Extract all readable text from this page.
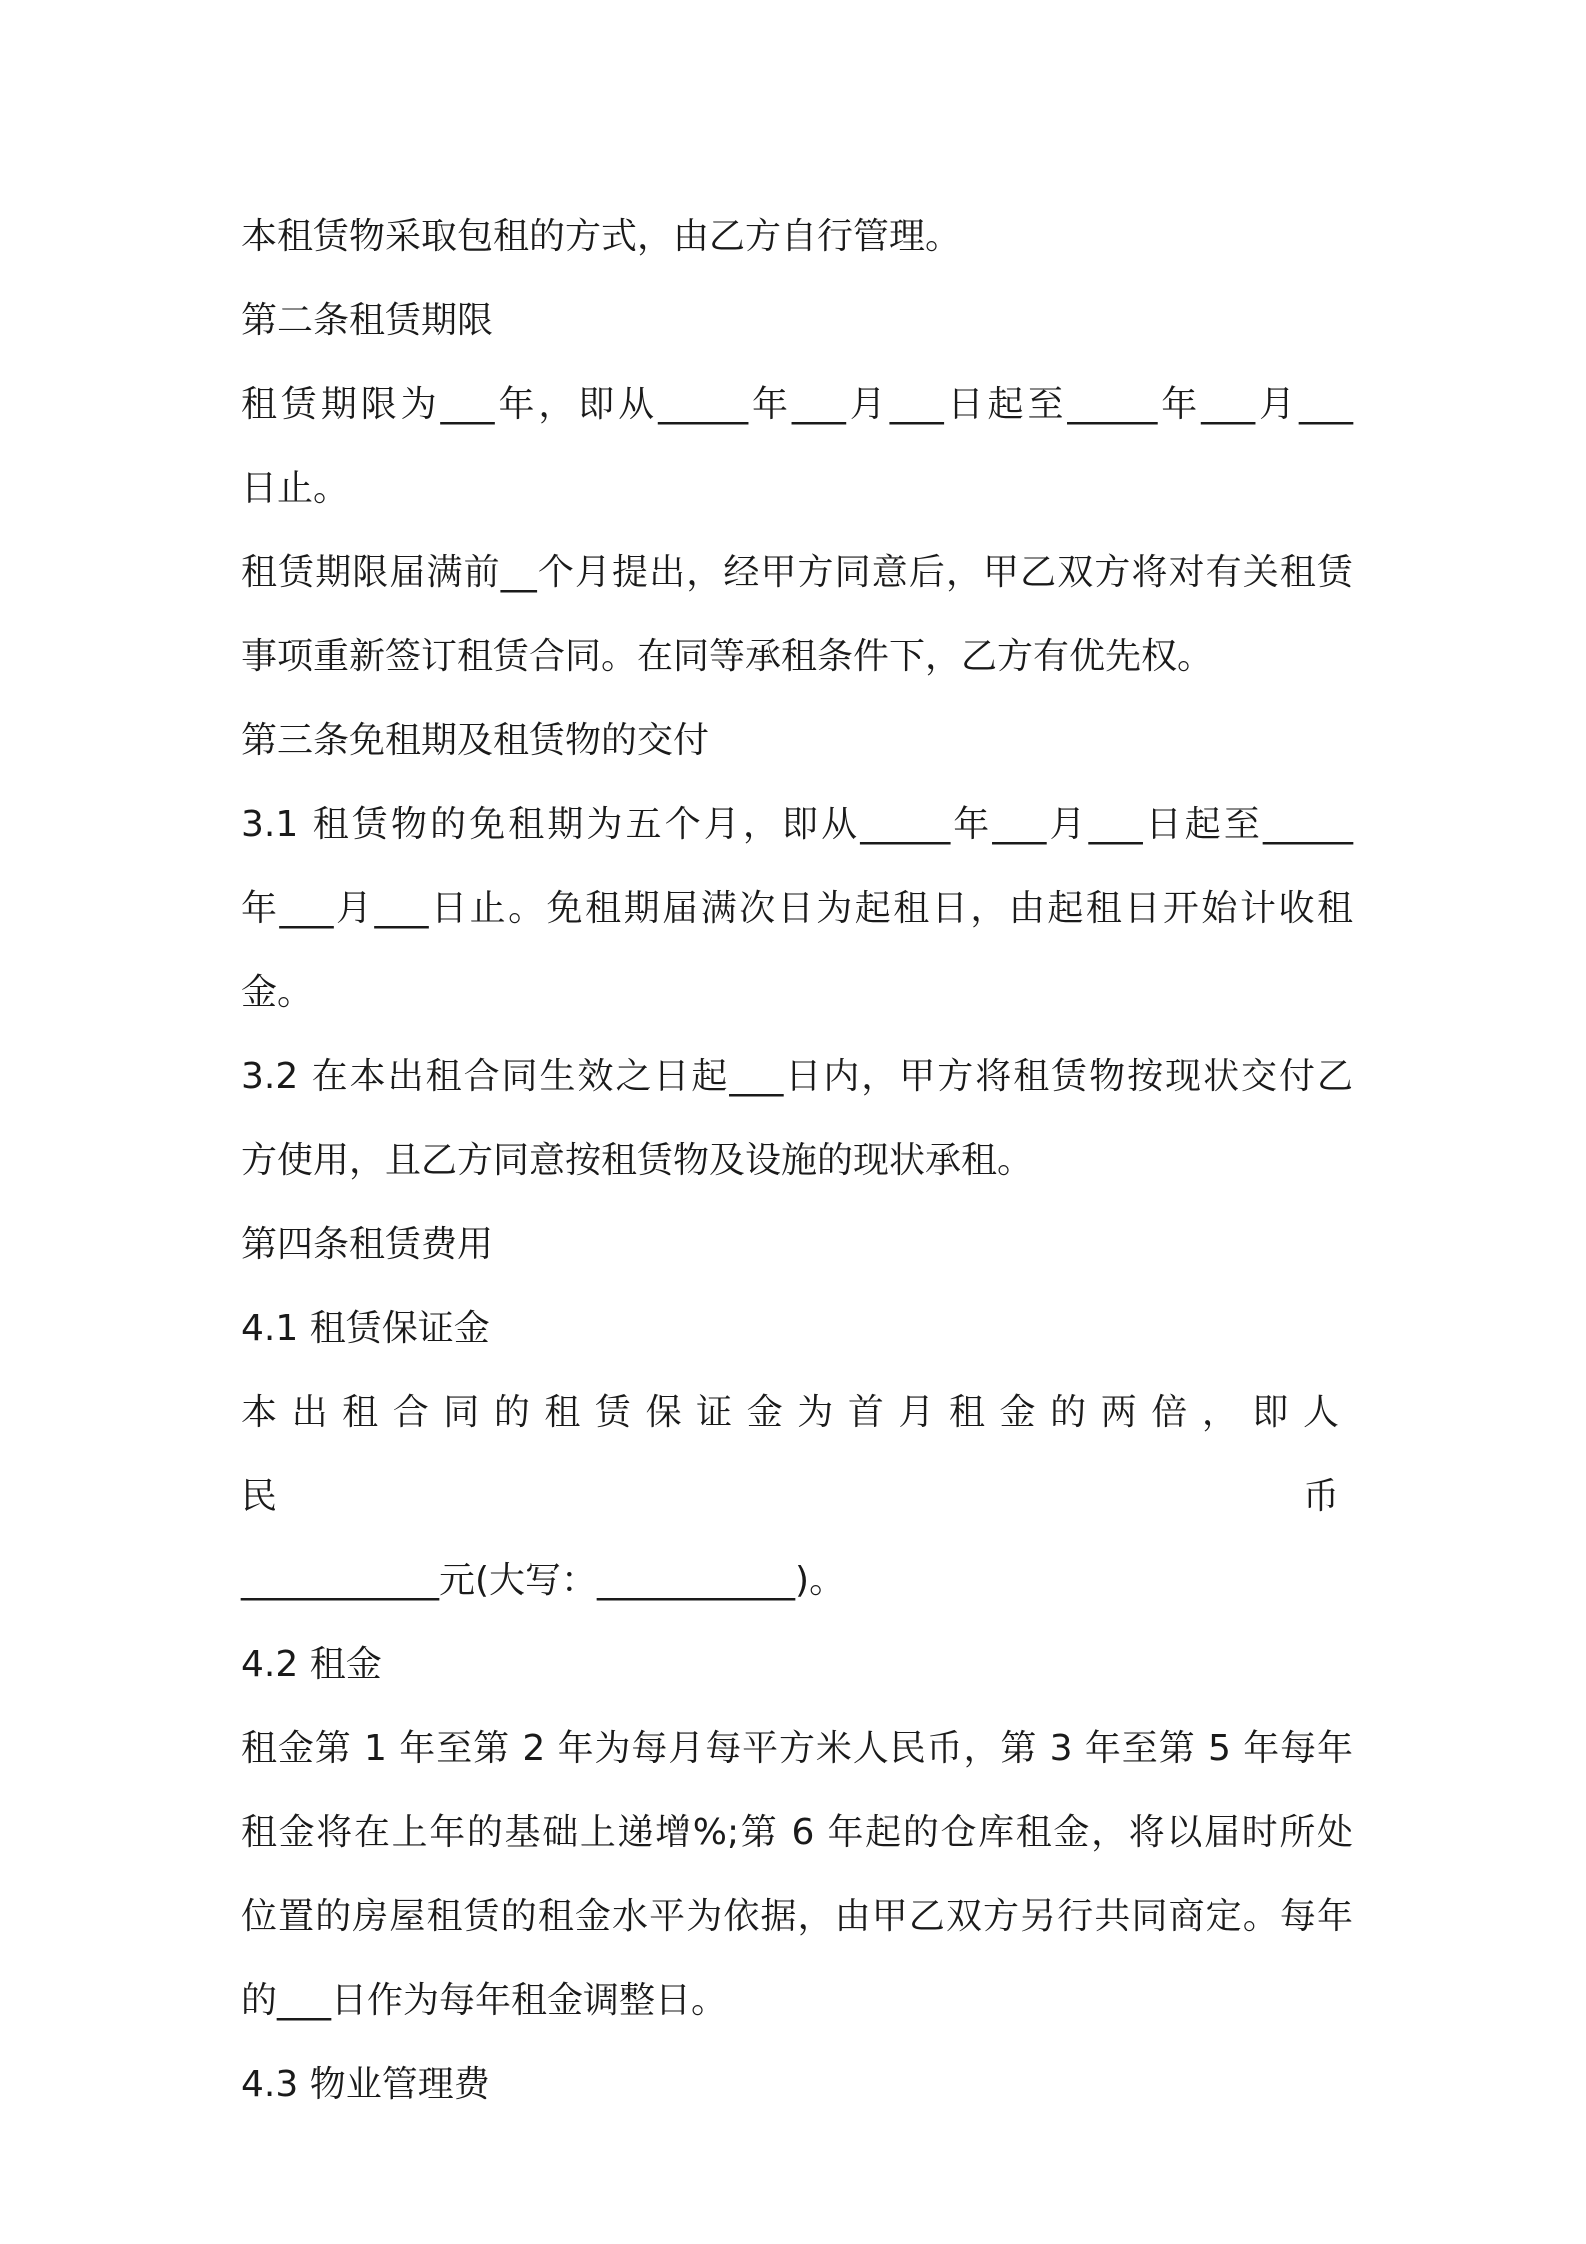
本租赁物采取包租的方式，由乙方自行管理。

第二条租赁期限

租赁期限为___年，即从_____年___月___日起至_____年___月___

日止。

租赁期限届满前__个月提出，经甲方同意后，甲乙双方将对有关租赁

事项重新签订租赁合同。在同等承租条件下，乙方有优先权。

第三条免租期及租赁物的交付

3.1 租赁物的免租期为五个月，即从_____年___月___日起至_____

年___月___日止。免租期届满次日为起租日，由起租日开始计收租

金。

3.2 在本出租合同生效之日起___日内，甲方将租赁物按现状交付乙

方使用，且乙方同意按租赁物及设施的现状承租。

第四条租赁费用

4.1 租赁保证金

本出租合同的租赁保证金为首月租金的两倍，即人民币

___________元(大写：___________)。

4.2 租金

租金第 1 年至第 2 年为每月每平方米人民币，第 3 年至第 5 年每年

租金将在上年的基础上递增%;第 6 年起的仓库租金，将以届时所处

位置的房屋租赁的租金水平为依据，由甲乙双方另行共同商定。每年

的___日作为每年租金调整日。

4.3 物业管理费
